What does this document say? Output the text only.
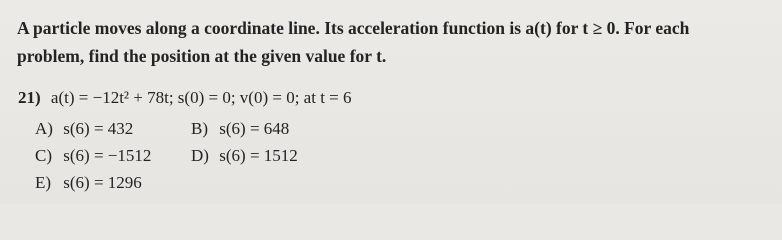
A particle moves along a coordinate line. Its acceleration function is a(t) for t ≥ 0. For each
problem, find the position at the given value for t.
21) a(t) = −12t² + 78t; s(0) = 0; v(0) = 0; at t = 6
A) s(6) = 432	B) s(6) = 648
C) s(6) = −1512 D) s(6) = 1512
E) s(6) = 1296
